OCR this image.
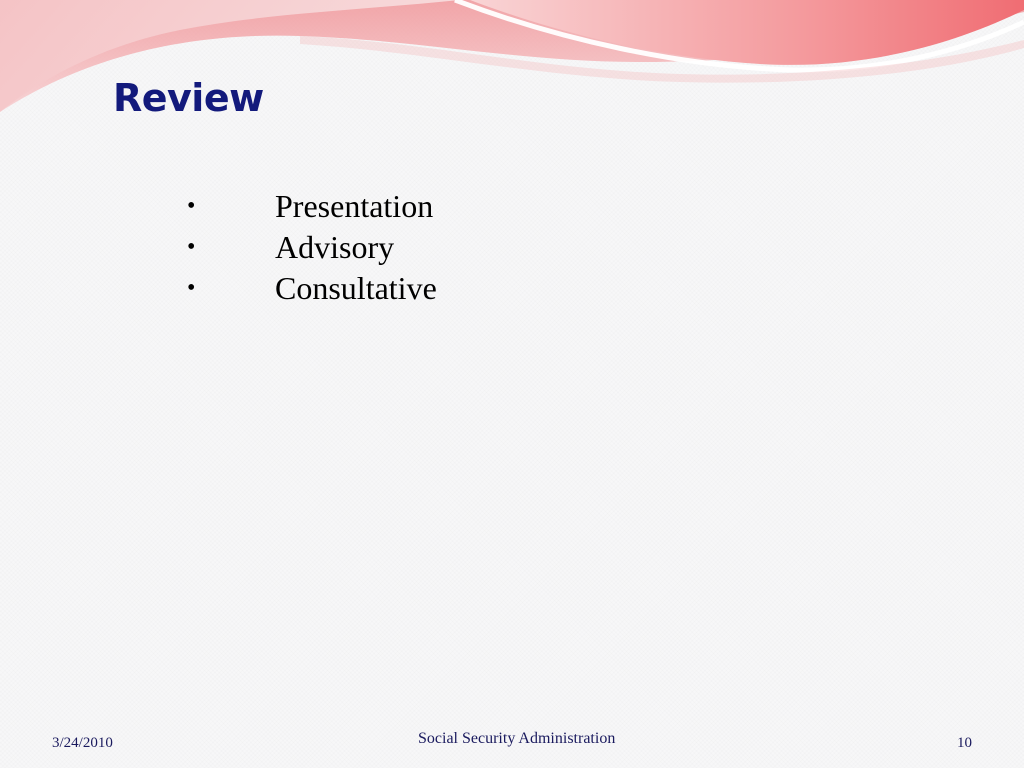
Review
•	Presentation
•	Advisory
•	Consultative
3/24/2010	Social Security Administration	10
